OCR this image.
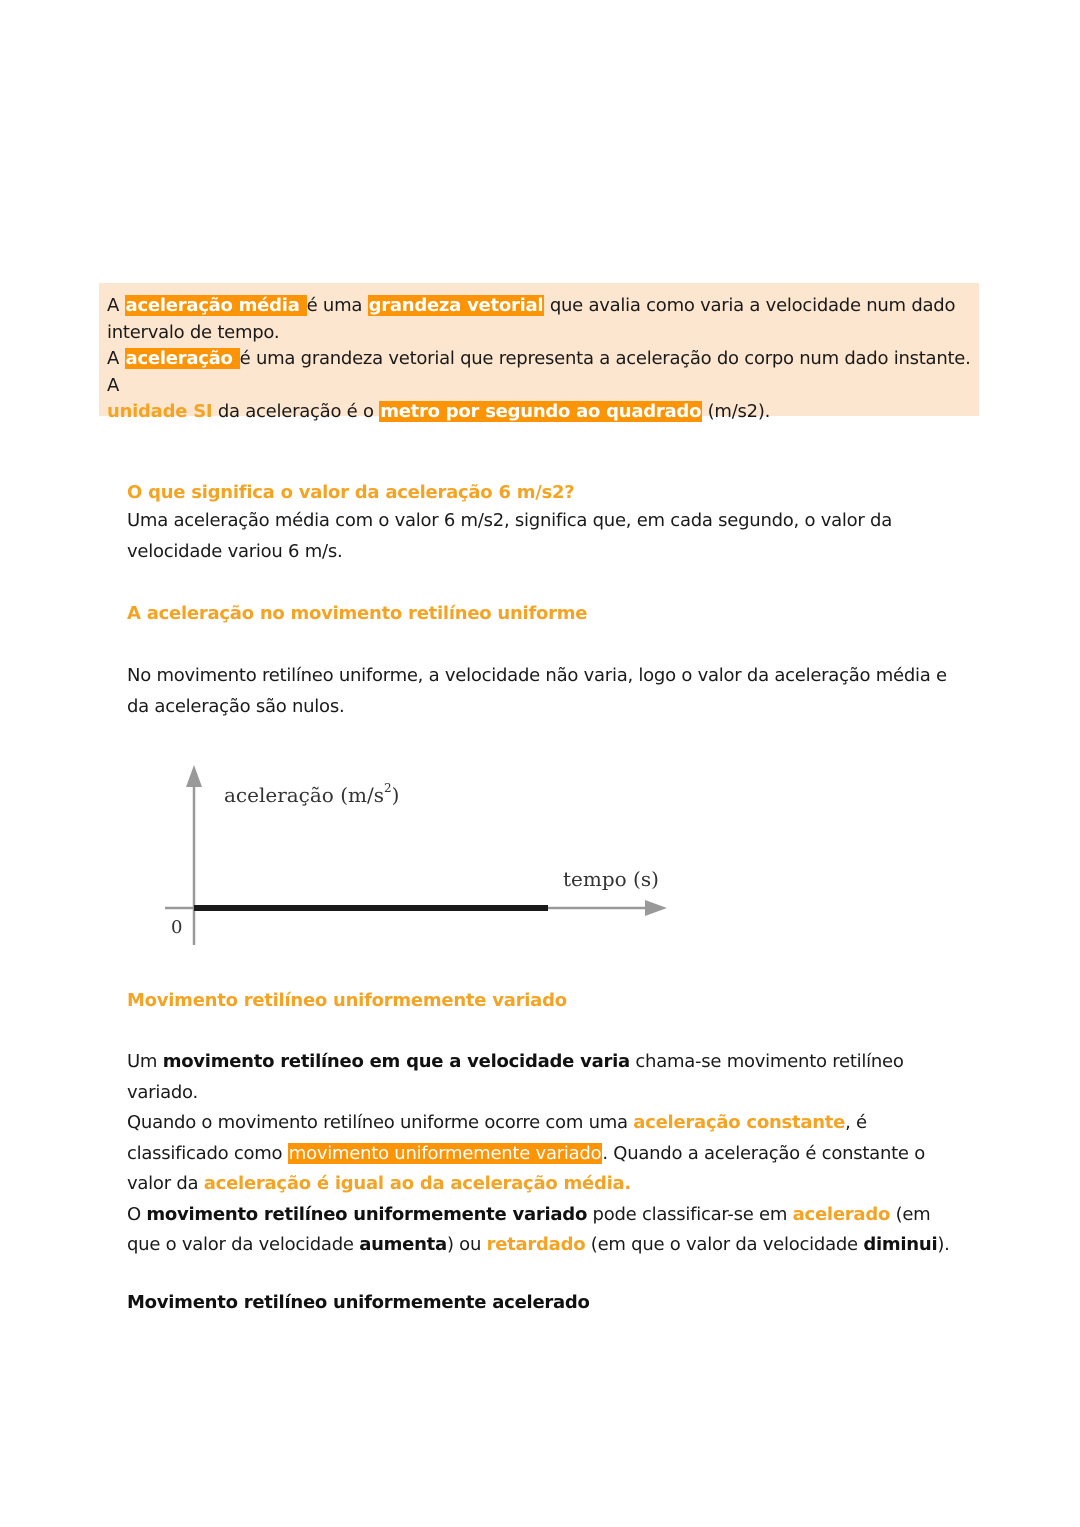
A aceleração média é uma grandeza vetorial que avalia como varia a velocidade num dado
intervalo de tempo.
A aceleração é uma grandeza vetorial que representa a aceleração do corpo num dado instante. A
unidade SI da aceleração é o metro por segundo ao quadrado (m/s2).
O que significa o valor da aceleração 6 m/s2?
Uma aceleração média com o valor 6 m/s2, significa que, em cada segundo, o valor da velocidade variou 6 m/s.
A aceleração no movimento retilíneo uniforme
No movimento retilíneo uniforme, a velocidade não varia, logo o valor da aceleração média e da aceleração são nulos.
aceleração $(m/s^2)$
tempo (s)
0
Movimento retilíneo uniformemente variado
Um movimento retilíneo em que a velocidade varia chama-se movimento retilíneo variado.
Quando o movimento retilíneo uniforme ocorre com uma aceleração constante, é classificado como movimento uniformemente variado. Quando a aceleração é constante o valor da aceleração é igual ao da aceleração média.
O movimento retilíneo uniformemente variado pode classificar-se em acelerado (em que o valor da velocidade aumenta) ou retardado (em que o valor da velocidade diminui).
Movimento retilíneo uniformemente acelerado
